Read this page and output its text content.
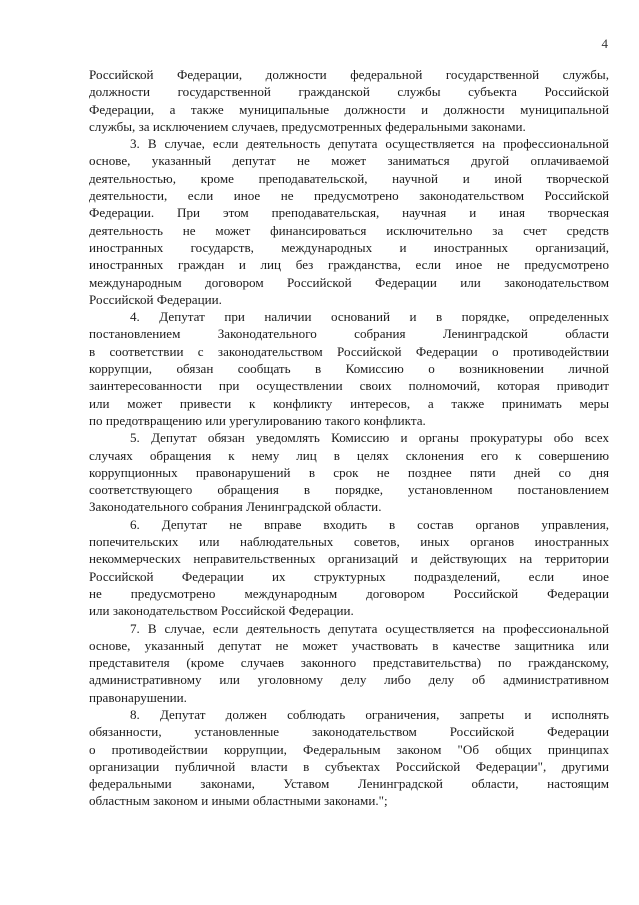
4
Российской Федерации, должности федеральной государственной службы,
должности государственной гражданской службы субъекта Российской
Федерации, а также муниципальные должности и должности муниципальной
службы, за исключением случаев, предусмотренных федеральными законами.
3. В случае, если деятельность депутата осуществляется на профессиональной
основе, указанный депутат не может заниматься другой оплачиваемой
деятельностью, кроме преподавательской, научной и иной творческой
деятельности, если иное не предусмотрено законодательством Российской
Федерации. При этом преподавательская, научная и иная творческая
деятельность не может финансироваться исключительно за счет средств
иностранных государств, международных и иностранных организаций,
иностранных граждан и лиц без гражданства, если иное не предусмотрено
международным договором Российской Федерации или законодательством
Российской Федерации.
4. Депутат при наличии оснований и в порядке, определенных
постановлением Законодательного собрания Ленинградской области
в соответствии с законодательством Российской Федерации о противодействии
коррупции, обязан сообщать в Комиссию о возникновении личной
заинтересованности при осуществлении своих полномочий, которая приводит
или может привести к конфликту интересов, а также принимать меры
по предотвращению или урегулированию такого конфликта.
5. Депутат обязан уведомлять Комиссию и органы прокуратуры обо всех
случаях обращения к нему лиц в целях склонения его к совершению
коррупционных правонарушений в срок не позднее пяти дней со дня
соответствующего обращения в порядке, установленном постановлением
Законодательного собрания Ленинградской области.
6. Депутат не вправе входить в состав органов управления,
попечительских или наблюдательных советов, иных органов иностранных
некоммерческих неправительственных организаций и действующих на территории
Российской Федерации их структурных подразделений, если иное
не предусмотрено международным договором Российской Федерации
или законодательством Российской Федерации.
7. В случае, если деятельность депутата осуществляется на профессиональной
основе, указанный депутат не может участвовать в качестве защитника или
представителя (кроме случаев законного представительства) по гражданскому,
административному или уголовному делу либо делу об административном
правонарушении.
8. Депутат должен соблюдать ограничения, запреты и исполнять
обязанности, установленные законодательством Российской Федерации
о противодействии коррупции, Федеральным законом "Об общих принципах
организации публичной власти в субъектах Российской Федерации", другими
федеральными законами, Уставом Ленинградской области, настоящим
областным законом и иными областными законами.";
